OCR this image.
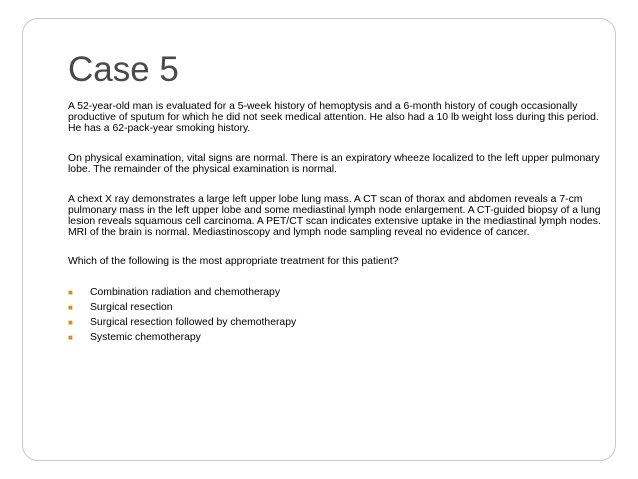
Case 5

A 52-year-old man is evaluated for a 5-week history of hemoptysis and a 6-month history of cough occasionally productive of sputum for which he did not seek medical attention. He also had a 10 lb weight loss during this period. He has a 62-pack-year smoking history.

On physical examination, vital signs are normal. There is an expiratory wheeze localized to the left upper pulmonary lobe. The remainder of the physical examination is normal.

A chext X ray demonstrates a large left upper lobe lung mass. A CT scan of thorax and abdomen reveals a 7-cm pulmonary mass in the left upper lobe and some mediastinal lymph node enlargement. A CT-guided biopsy of a lung lesion reveals squamous cell carcinoma. A PET/CT scan indicates extensive uptake in the mediastinal lymph nodes. MRI of the brain is normal. Mediastinoscopy and lymph node sampling reveal no evidence of cancer.

Which of the following is the most appropriate treatment for this patient?

■ Combination radiation and chemotherapy
■ Surgical resection
■ Surgical resection followed by chemotherapy
■ Systemic chemotherapy
